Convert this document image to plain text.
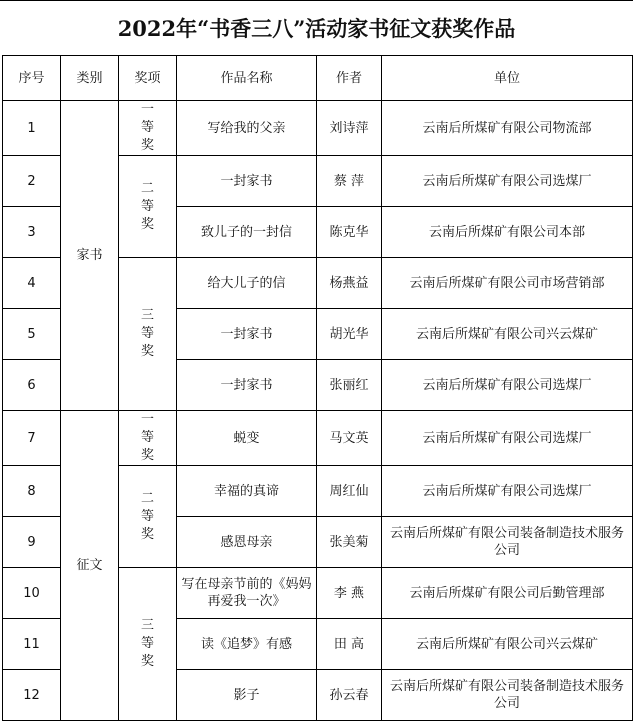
2022年“书香三八”活动家书征文获奖作品
序号	类别	奖项	作品名称	作者	单位
1	家书	一等奖	写给我的父亲	刘诗萍	云南后所煤矿有限公司物流部
2		二等奖	一封家书	蔡 萍	云南后所煤矿有限公司选煤厂
3			致儿子的一封信	陈克华	云南后所煤矿有限公司本部
4		三等奖	给大儿子的信	杨燕益	云南后所煤矿有限公司市场营销部
5			一封家书	胡光华	云南后所煤矿有限公司兴云煤矿
6			一封家书	张丽红	云南后所煤矿有限公司选煤厂
7	征文	一等奖	蜕变	马文英	云南后所煤矿有限公司选煤厂
8		二等奖	幸福的真谛	周红仙	云南后所煤矿有限公司选煤厂
9			感恩母亲	张美菊	云南后所煤矿有限公司装备制造技术服务公司

10		三等奖	写在母亲节前的《妈妈再爱我一次》	李 燕	云南后所煤矿有限公司后勤管理部
11			读《追梦》有感	田 高	云南后所煤矿有限公司兴云煤矿
12			影子	孙云春	云南后所煤矿有限公司装备制造技术服务公司
